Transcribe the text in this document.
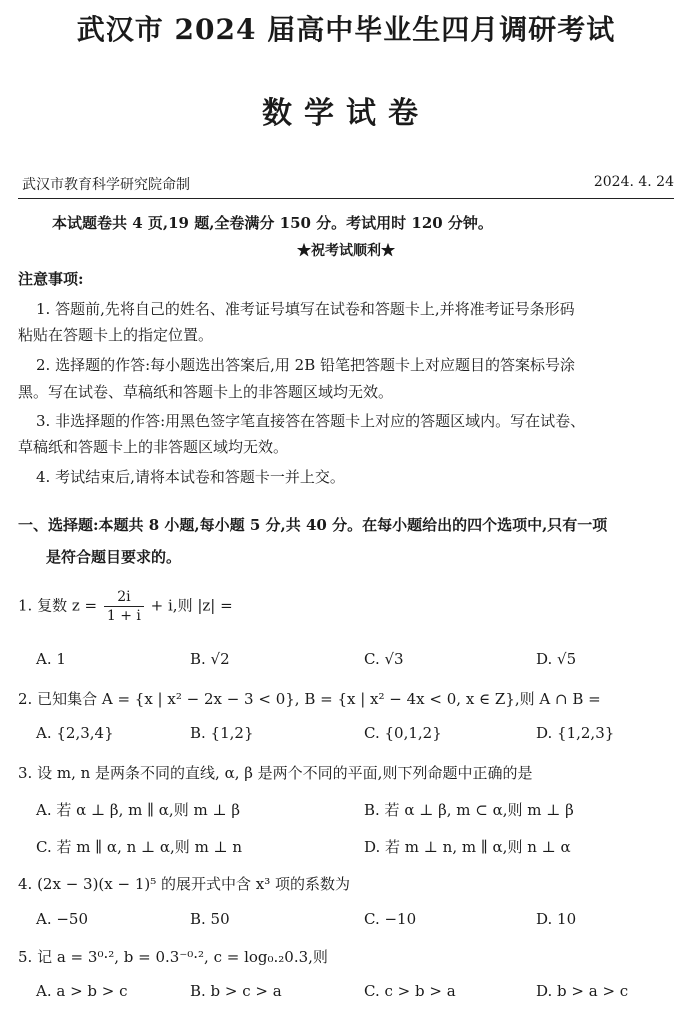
武汉市 2024 届高中毕业生四月调研考试
数学试卷
武汉市教育科学研究院命制	2024. 4. 24
本试题卷共 4 页,19 题,全卷满分 150 分。考试用时 120 分钟。
★祝考试顺利★
注意事项:
1. 答题前,先将自己的姓名、准考证号填写在试卷和答题卡上,并将准考证号条形码
粘贴在答题卡上的指定位置。
2. 选择题的作答:每小题选出答案后,用 2B 铅笔把答题卡上对应题目的答案标号涂
黑。写在试卷、草稿纸和答题卡上的非答题区域均无效。
3. 非选择题的作答:用黑色签字笔直接答在答题卡上对应的答题区域内。写在试卷、
草稿纸和答题卡上的非答题区域均无效。
4. 考试结束后,请将本试卷和答题卡一并上交。
一、选择题:本题共 8 小题,每小题 5 分,共 40 分。在每小题给出的四个选项中,只有一项
是符合题目要求的。
1. 复数 $z = \frac{2i}{1 + i} + i$,则 |z| =
A. 1	B. √2	C. √3	D. √5
2. 已知集合 A = {x | x² − 2x − 3 < 0}, B = {x | x² − 4x < 0, x ∈ Z},则 A ∩ B =
A. {2,3,4}	B. {1,2}	C. {0,1,2}	D. {1,2,3}
3. 设 m, n 是两条不同的直线, α, β 是两个不同的平面,则下列命题中正确的是
A. 若 α ⊥ β, m ∥ α,则 m ⊥ β	B. 若 α ⊥ β, m ⊂ α,则 m ⊥ β
C. 若 m ∥ α, n ⊥ α,则 m ⊥ n	D. 若 m ⊥ n, m ∥ α,则 n ⊥ α
4. (2x − 3)(x − 1)⁵ 的展开式中含 x³ 项的系数为
A. −50	B. 50	C. −10	D. 10
5. 记 a = 3⁰·², b = 0.3⁻⁰·², c = log₀.₂0.3,则
A. a > b > c	B. b > c > a	C. c > b > a	D. b > a > c
